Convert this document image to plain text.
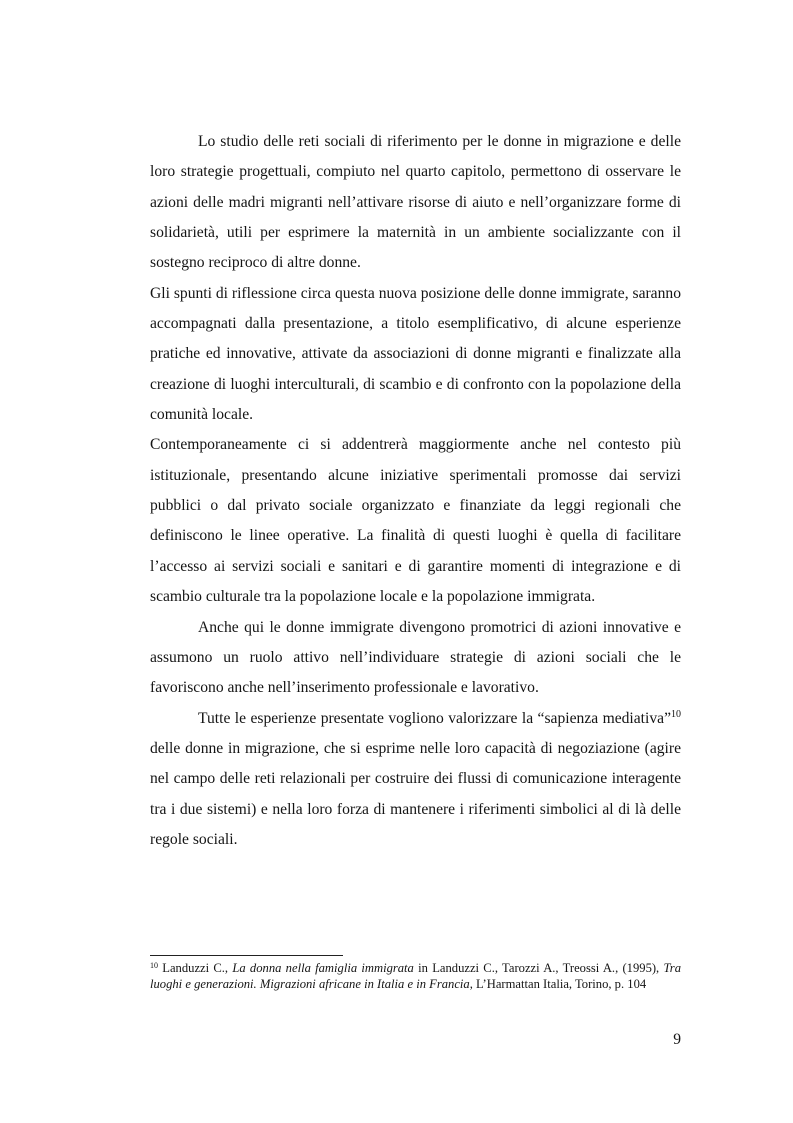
Lo studio delle reti sociali di riferimento per le donne in migrazione e delle loro strategie progettuali, compiuto nel quarto capitolo, permettono di osservare le azioni delle madri migranti nell’attivare risorse di aiuto e nell’organizzare forme di solidarietà, utili per esprimere la maternità in un ambiente socializzante con il sostegno reciproco di altre donne.

Gli spunti di riflessione circa questa nuova posizione delle donne immigrate, saranno accompagnati dalla presentazione, a titolo esemplificativo, di alcune esperienze pratiche ed innovative, attivate da associazioni di donne migranti e finalizzate alla creazione di luoghi interculturali, di scambio e di confronto con la popolazione della comunità locale.

Contemporaneamente ci si addentrerà maggiormente anche nel contesto più istituzionale, presentando alcune iniziative sperimentali promosse dai servizi pubblici o dal privato sociale organizzato e finanziate da leggi regionali che definiscono le linee operative. La finalità di questi luoghi è quella di facilitare l’accesso ai servizi sociali e sanitari e di garantire momenti di integrazione e di scambio culturale tra la popolazione locale e la popolazione immigrata.

Anche qui le donne immigrate divengono promotrici di azioni innovative e assumono un ruolo attivo nell’individuare strategie di azioni sociali che le favoriscono anche nell’inserimento professionale e lavorativo.

Tutte le esperienze presentate vogliono valorizzare la “sapienza mediativa”$^{10}$ delle donne in migrazione, che si esprime nelle loro capacità di negoziazione (agire nel campo delle reti relazionali per costruire dei flussi di comunicazione interagente tra i due sistemi) e nella loro forza di mantenere i riferimenti simbolici al di là delle regole sociali.

$^{10}$ Landuzzi C., La donna nella famiglia immigrata in Landuzzi C., Tarozzi A., Treossi A., (1995), Tra luoghi e generazioni. Migrazioni africane in Italia e in Francia, L’Harmattan Italia, Torino, p. 104
9
